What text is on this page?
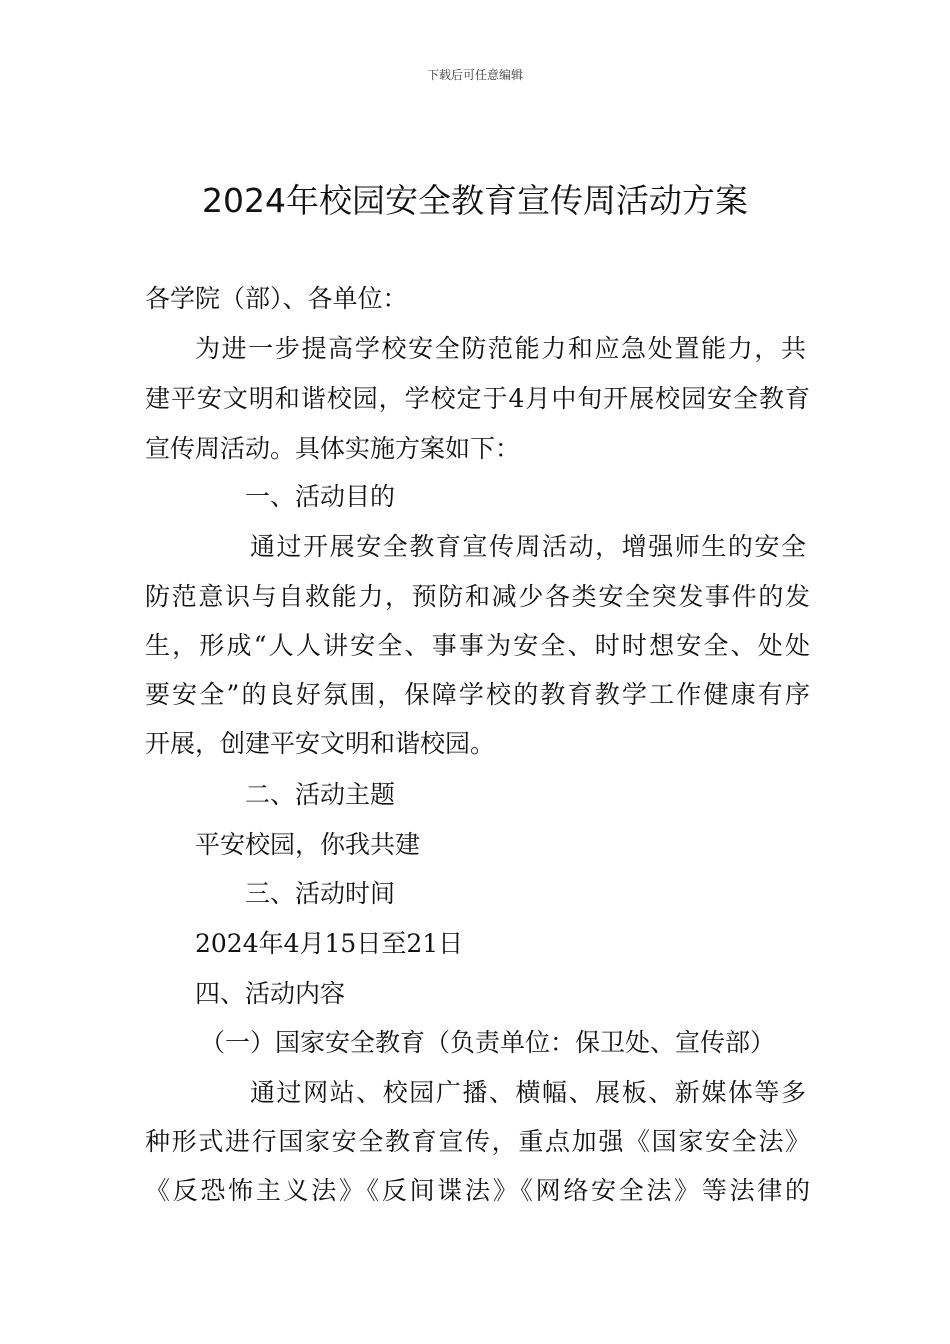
下载后可任意编辑
2024年校园安全教育宣传周活动方案
各学院（部）、各单位：
为进一步提高学校安全防范能力和应急处置能力，共
建平安文明和谐校园，学校定于4月中旬开展校园安全教育
宣传周活动。具体实施方案如下：
一、活动目的
通过开展安全教育宣传周活动，增强师生的安全
防范意识与自救能力，预防和减少各类安全突发事件的发
生，形成“人人讲安全、事事为安全、时时想安全、处处
要安全”的良好氛围，保障学校的教育教学工作健康有序
开展，创建平安文明和谐校园。
二、活动主题
平安校园，你我共建
三、活动时间
2024年4月15日至21日
四、活动内容
（一）国家安全教育（负责单位：保卫处、宣传部）
通过网站、校园广播、横幅、展板、新媒体等多
种形式进行国家安全教育宣传，重点加强《国家安全法》
《反恐怖主义法》《反间谍法》《网络安全法》等法律的
